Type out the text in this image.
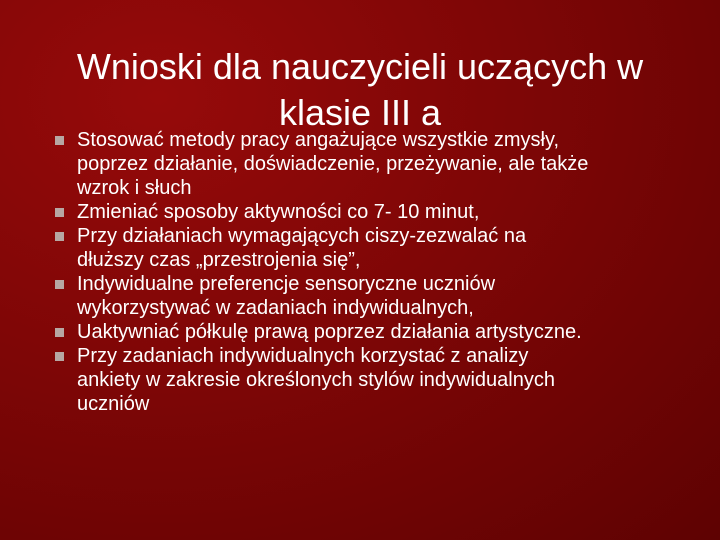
Wnioski dla nauczycieli uczących w
klasie III a
Stosować metody pracy angażujące wszystkie zmysły,
poprzez działanie, doświadczenie, przeżywanie, ale także
wzrok i słuch
Zmieniać sposoby aktywności co 7- 10 minut,
Przy działaniach wymagających ciszy-zezwalać na
dłuższy czas „przestrojenia się”,
Indywidualne preferencje sensoryczne uczniów
wykorzystywać w zadaniach indywidualnych,
Uaktywniać półkulę prawą poprzez działania artystyczne.
Przy zadaniach indywidualnych korzystać z analizy
ankiety w zakresie określonych stylów indywidualnych
uczniów
